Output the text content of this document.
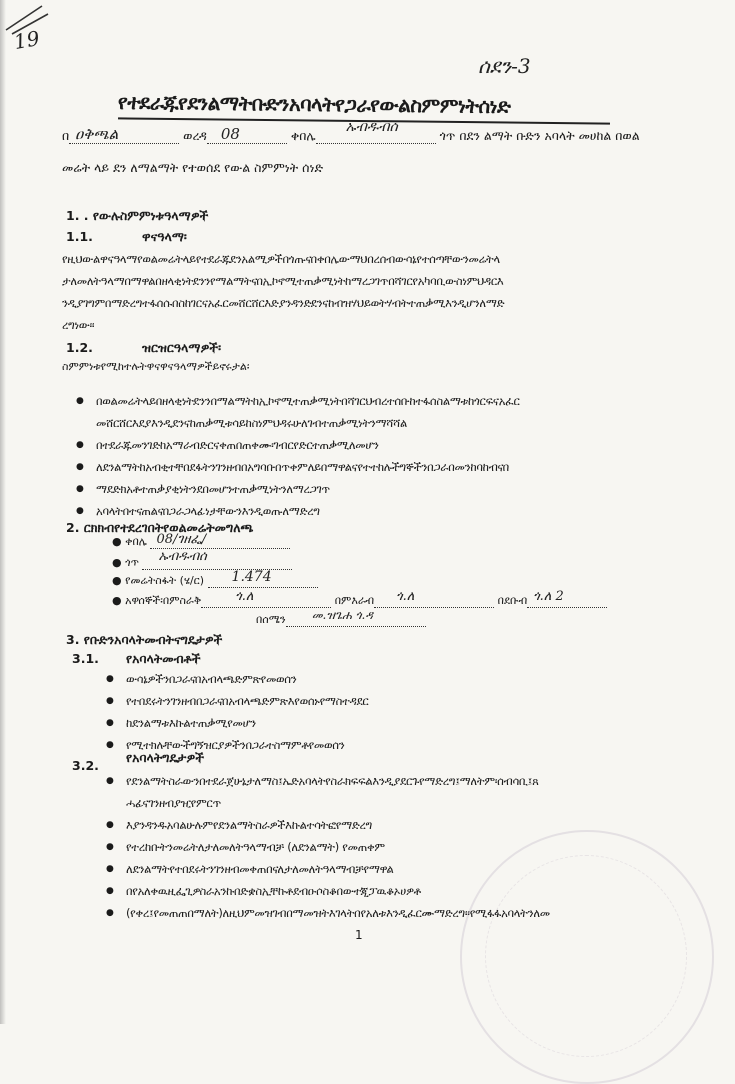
19
ሰደን-3
የተደራጁየደንልማትቡድንአባላትየጋራየውልስምምነትሰነድ
በ ዐቅጫል	ወረዳ 08	ቀበሌ
ኡብዱብሰ
ጎጥ በደን ልማት ቡድን አባላት መሀከል በወል
መሬት ላይ ደን ለማልማት የተወሰደ የውል ስምምነት ሰነድ
1. . የውሉስምምነቱዓላማዎች
1.1.	ዋናዓላማ፡
የዚህውልዋናዓላማየወልመሬትላይየተደራጁደንአልሚዎችበጎጡናበቀበሌውማህበረሰብውሳኔየተሰጣቸውንመሬትላ
ታለመለትዓላማበማዋልበዘላቂነትደንንየማልማትናበኢኮኖሚተጠቃሚነትከማረጋገጥበሻገርየአካባቢውስነምህዳርእ
ንዲያገግምበማድረግተፋሰሱበስከገርናአፈርመሸርሸርእድያንዳንድደንናከብዝሃህይወትሃብትተጠቃሚእንዲሆንለማድ
ረግነው፡፡
1.2.	ዝርዝርዓላማዎች፡
ስምምነቱየሚከተሉትዋናዋናዓላማዎችይኖሩታል፡
● በወልመሬትላይበዘላቂነትደንንበማልማትከኢኮኖሚተጠቃሚነትበሻገርህብረተሰቡከተፋሰስልማቱከጎርፍናአፈር
መሸርሸርእደያእንዲደንናከጠቃሚቱሳይከስነምህዳሩሁለገብተጠቃሚነትንማሻሻል
● በተደራጁመንገድከአማራብድርናቀጠበጠቀሙ፡ገብርየድርተጠቃሚለመሆን
● ለደንልማትከአብቂተቸበደፋትንገንዘብበአግባቡበጥቀምለይበማዋልናየተተከሉችግኞችንበጋራበመንከባከብናበ
● ማደድክአቶተጠቃያቂነትንደበመሆንተጠቃሚነትንለማረጋገጥ
● አባላትበተናጠልናበጋራጋላፊነታቸውንእንዲወጡለማድረግ
2. ርክክብየተደረገበትየወልመሬትመግለጫ
● ቀበሌ 08/ገዘፌ/
● ጎጥ ኡብዱብሰ
● የመሬትስፋት (ሄ/ር) 1.474
● አዋሰኞች፡በምስራቅ	ጎ.ለ	በምእራብ ጎ.ለ	በደቡብ ጎ.ለ 2
በሰሜን መ.ዝጌሐ ጎ.ዳ
3. የቡድንአባላትመብትናግዴታዎች
3.1. የአባላትመብቶች
● ውሳኔዎችንበጋራናበአብላጫድምጽየመወሰን
● የተበደሩትንገንዘብበጋራናበአብላጫድምጽእየወሰኑየማስተዳደር
● ከደንልማቱእኩልተጠቃሚየመሆን
● የሚተክሉቸውችግኝዝርያዎችንበጋራተስማምቶየመወሰን
3.2.
የአባላትግዴታዎች
● የደንልማትስራውንበተደራጀሁኔታለማስ፤ኤድአባላትየስራክፍፍልእንዲያደርጉየማድረግ፤ማለትም፡ሰብሳቢ፤ጸ
ሓፊናገንዘብያዢየምርጥ
● እያንዳንዱአባልሁሉምየደንልማትስራዎችእኩልተሳትፎየማድረግ
● የተረከቡትንመሬትለታለመለትዓላማብቻ (ለደንልማት) የመጠቀም
● ለደንልማትየተበደሩትንገንዘብመቀጠበናለታለመለትዓላማብቻየማዋል
● በየአለቀዉዚፌጊዎስራአንኩበድቋስኢቸኩቶደብዑሶስቆበውተጂፓዉቆኦሀዎቶ
● (የቀረ፤የመጠጠበማለት)ለዚህምመዝገብበማመዝትእገላትበየአለቱእንዲፈርሙማድረግ፡፡የሚፋፋአባላትንለመ
1
